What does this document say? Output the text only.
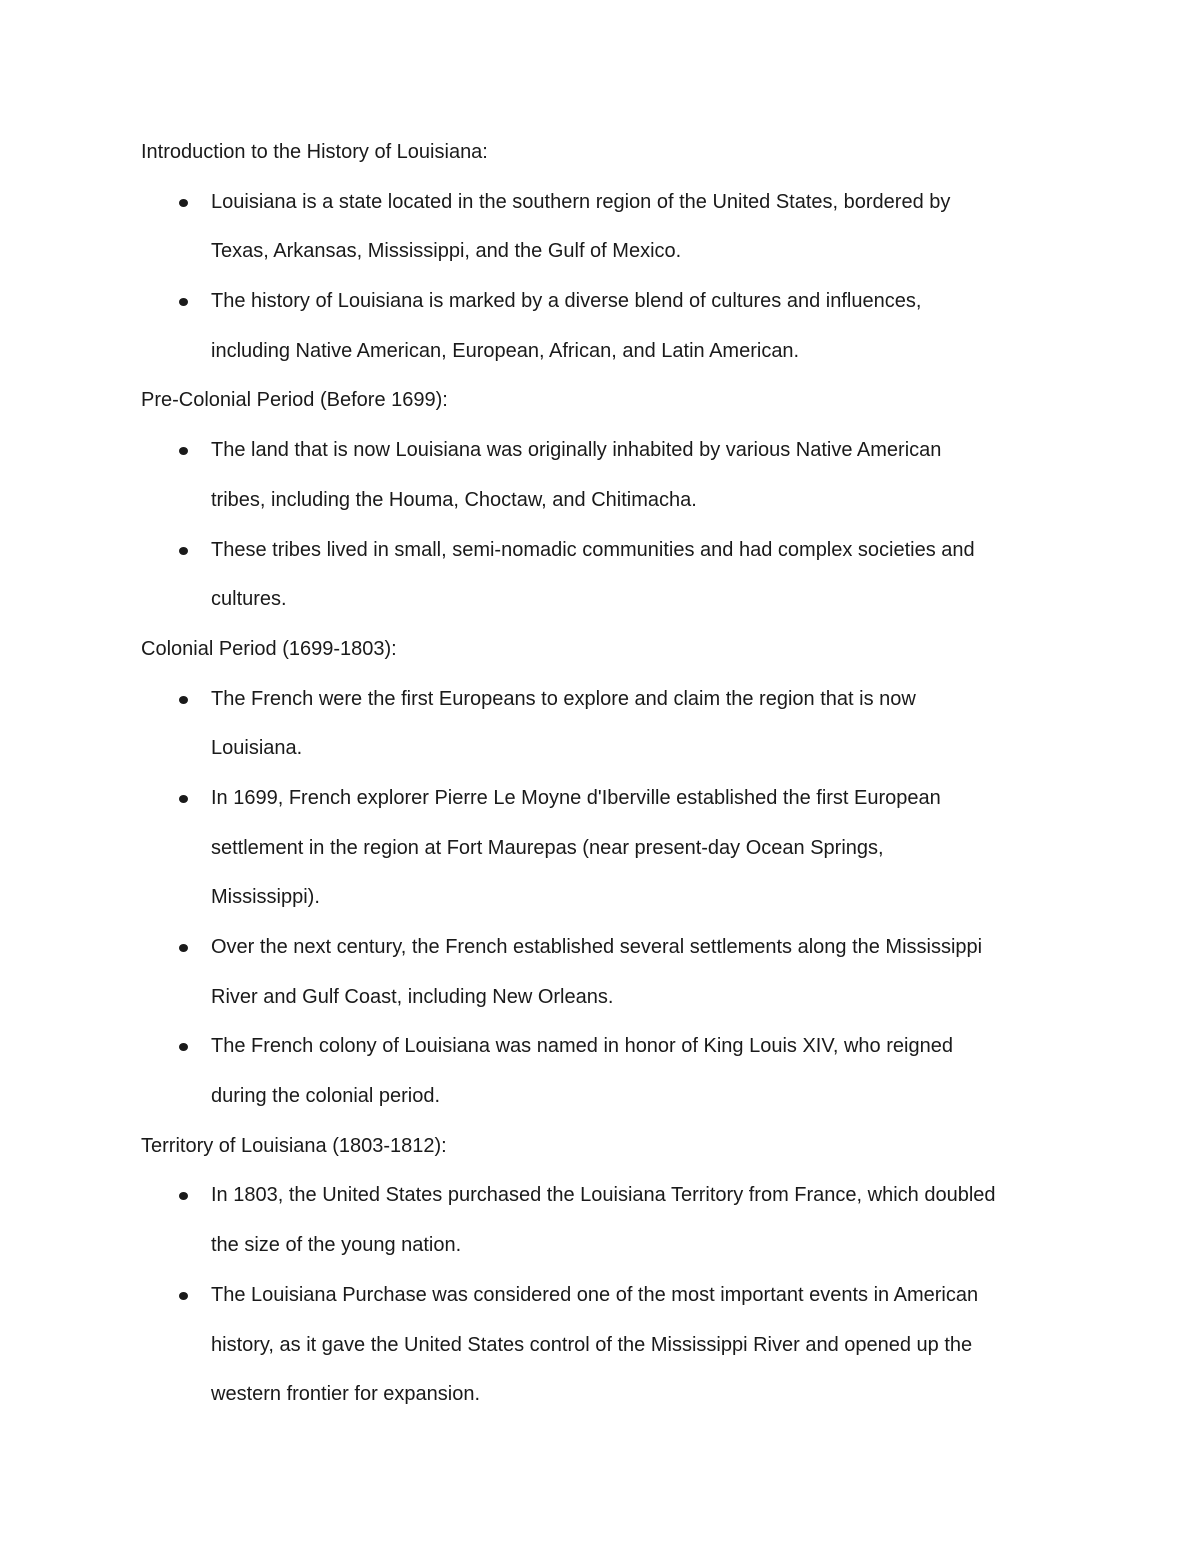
Introduction to the History of Louisiana:
Louisiana is a state located in the southern region of the United States, bordered by
Texas, Arkansas, Mississippi, and the Gulf of Mexico.
The history of Louisiana is marked by a diverse blend of cultures and influences,
including Native American, European, African, and Latin American.
Pre-Colonial Period (Before 1699):
The land that is now Louisiana was originally inhabited by various Native American
tribes, including the Houma, Choctaw, and Chitimacha.
These tribes lived in small, semi-nomadic communities and had complex societies and
cultures.
Colonial Period (1699-1803):
The French were the first Europeans to explore and claim the region that is now
Louisiana.
In 1699, French explorer Pierre Le Moyne d'Iberville established the first European
settlement in the region at Fort Maurepas (near present-day Ocean Springs,
Mississippi).
Over the next century, the French established several settlements along the Mississippi
River and Gulf Coast, including New Orleans.
The French colony of Louisiana was named in honor of King Louis XIV, who reigned
during the colonial period.
Territory of Louisiana (1803-1812):
In 1803, the United States purchased the Louisiana Territory from France, which doubled
the size of the young nation.
The Louisiana Purchase was considered one of the most important events in American
history, as it gave the United States control of the Mississippi River and opened up the
western frontier for expansion.
